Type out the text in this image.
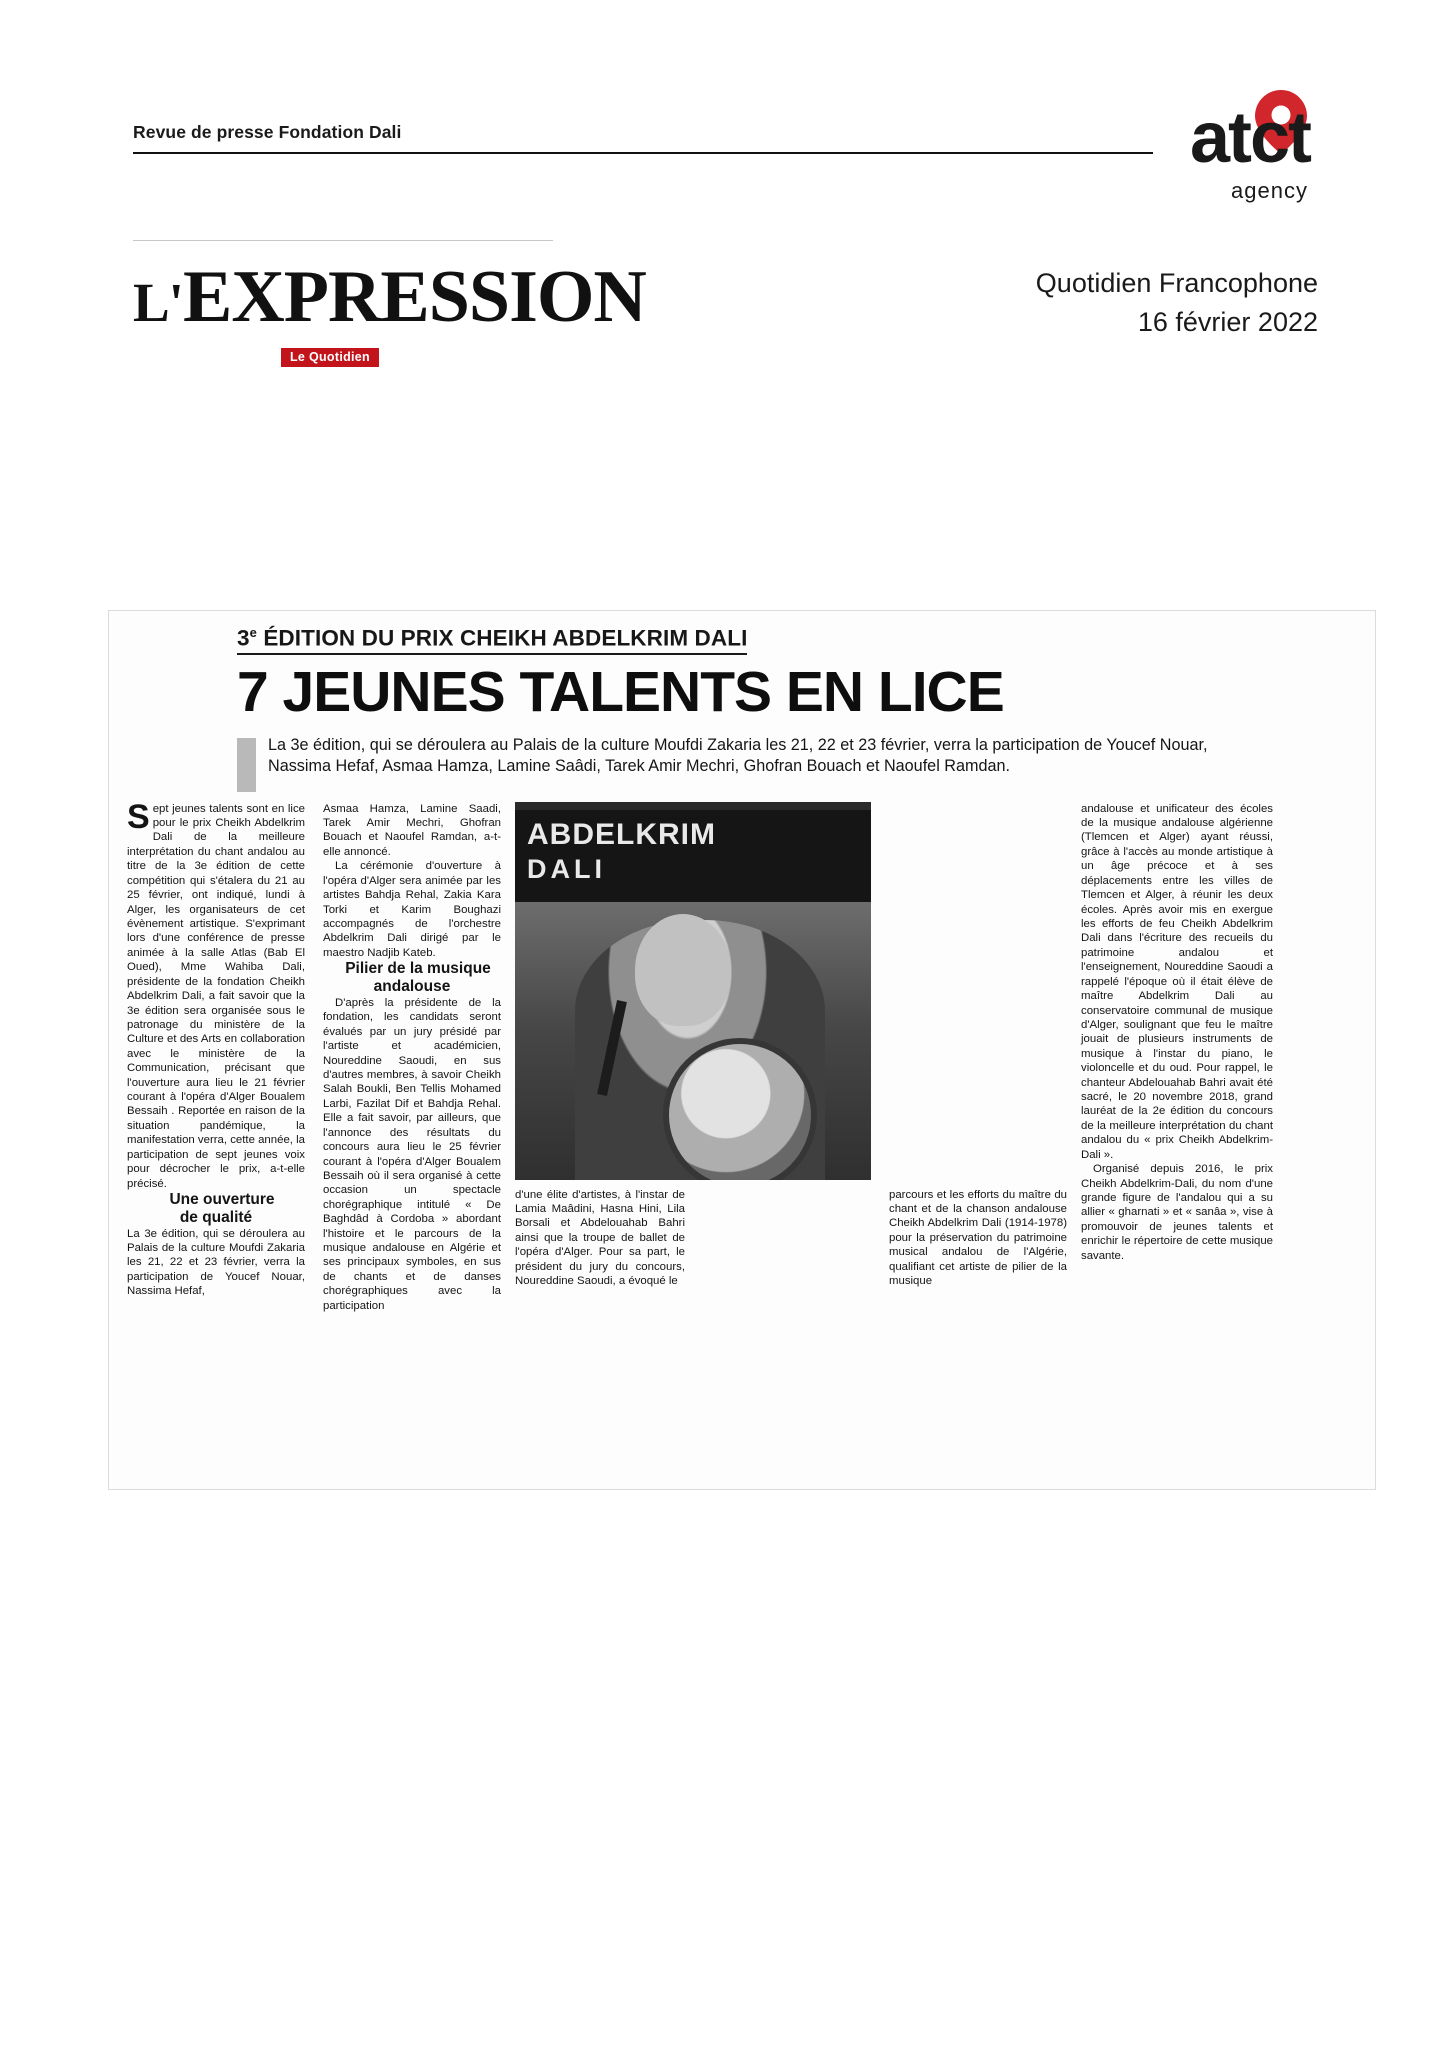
Revue de presse Fondation Dali	atct
agency
L'EXPRESSION
Le Quotidien
Quotidien Francophone
16 février 2022
3e ÉDITION DU PRIX CHEIKH ABDELKRIM DALI
7 JEUNES TALENTS EN LICE
La 3e édition, qui se déroulera au Palais de la culture Moufdi Zakaria les 21, 22 et 23 février, verra la participation de Youcef Nouar, Nassima Hefaf, Asmaa Hamza, Lamine Saâdi, Tarek Amir Mechri, Ghofran Bouach et Naoufel Ramdan.
ABDELKRIM
DALI

Sept jeunes talents sont en lice pour le prix Cheikh Abdelkrim Dali de la meilleure interprétation du chant andalou au titre de la 3e édition de cette compétition qui s'étalera du 21 au 25 février, ont indiqué, lundi à Alger, les organisateurs de cet évènement artistique. S'exprimant lors d'une conférence de presse animée à la salle Atlas (Bab El Oued), Mme Wahiba Dali, présidente de la fondation Cheikh Abdelkrim Dali, a fait savoir que la 3e édition sera organisée sous le patronage du ministère de la Culture et des Arts en collaboration avec le ministère de la Communication, précisant que l'ouverture aura lieu le 21 février courant à l'opéra d'Alger Boualem Bessaih . Reportée en raison de la situation pandémique, la manifestation verra, cette année, la participation de sept jeunes voix pour décrocher le prix, a-t-elle précisé.

Une ouverture
de qualité

La 3e édition, qui se déroulera au Palais de la culture Moufdi Zakaria les 21, 22 et 23 février, verra la participation de Youcef Nouar, Nassima Hefaf,

Asmaa Hamza, Lamine Saadi, Tarek Amir Mechri, Ghofran Bouach et Naoufel Ramdan, a-t-elle annoncé.

La cérémonie d'ouverture à l'opéra d'Alger sera animée par les artistes Bahdja Rehal, Zakia Kara Torki et Karim Boughazi accompagnés de l'orchestre Abdelkrim Dali dirigé par le maestro Nadjib Kateb.

Pilier de la musique
andalouse

D'après la présidente de la fondation, les candidats seront évalués par un jury présidé par l'artiste et académicien, Noureddine Saoudi, en sus d'autres membres, à savoir Cheikh Salah Boukli, Ben Tellis Mohamed Larbi, Fazilat Dif et Bahdja Rehal. Elle a fait savoir, par ailleurs, que l'annonce des résultats du concours aura lieu le 25 février courant à l'opéra d'Alger Boualem Bessaih où il sera organisé à cette occasion un spectacle chorégraphique intitulé « De Baghdâd à Cordoba » abordant l'histoire et le parcours de la musique andalouse en Algérie et ses principaux symboles, en sus de chants et de danses chorégraphiques avec la participation

d'une élite d'artistes, à l'instar de Lamia Maâdini, Hasna Hini, Lila Borsali et Abdelouahab Bahri ainsi que la troupe de ballet de l'opéra d'Alger. Pour sa part, le président du jury du concours, Noureddine Saoudi, a évoqué le

parcours et les efforts du maître du chant et de la chanson andalouse Cheikh Abdelkrim Dali (1914-1978) pour la préservation du patrimoine musical andalou de l'Algérie, qualifiant cet artiste de pilier de la musique

andalouse et unificateur des écoles de la musique andalouse algérienne (Tlemcen et Alger) ayant réussi, grâce à l'accès au monde artistique à un âge précoce et à ses déplacements entre les villes de Tlemcen et Alger, à réunir les deux écoles. Après avoir mis en exergue les efforts de feu Cheikh Abdelkrim Dali dans l'écriture des recueils du patrimoine andalou et l'enseignement, Noureddine Saoudi a rappelé l'époque où il était élève de maître Abdelkrim Dali au conservatoire communal de musique d'Alger, soulignant que feu le maître jouait de plusieurs instruments de musique à l'instar du piano, le violoncelle et du oud. Pour rappel, le chanteur Abdelouahab Bahri avait été sacré, le 20 novembre 2018, grand lauréat de la 2e édition du concours de la meilleure interprétation du chant andalou du « prix Cheikh Abdelkrim-Dali ».

Organisé depuis 2016, le prix Cheikh Abdelkrim-Dali, du nom d'une grande figure de l'andalou qui a su allier « gharnati » et « sanâa », vise à promouvoir de jeunes talents et enrichir le répertoire de cette musique savante.
